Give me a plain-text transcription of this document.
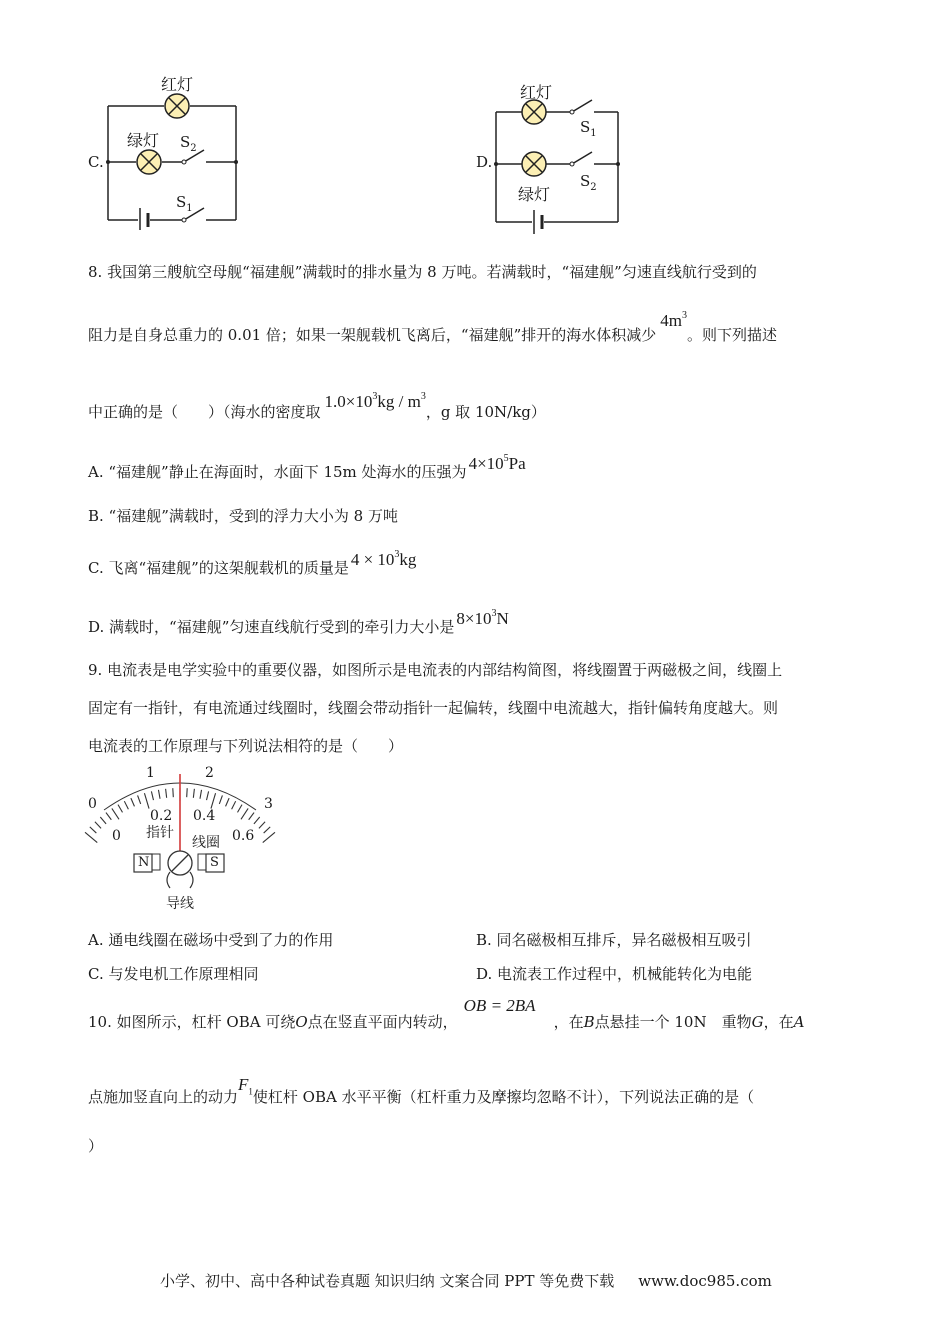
C.
红灯
绿灯 $S_2$
$S_1$
D.
红灯
$S_1$
绿灯
$S_2$
8. 我国第三艘航空母舰“福建舰”满载时的排水量为 8 万吨。若满载时，“福建舰”匀速直线航行受到的
阻力是自身总重力的 0.01 倍；如果一架舰载机飞离后，“福建舰”排开的海水体积减少$4m^3$。则下列描述
中正确的是（　　）（海水的密度取$1.0\times 10^3kg / m^3$，g 取 10N/kg）
A. “福建舰”静止在海面时，水面下 15m 处海水的压强为 $4\times 10^5Pa$
B. “福建舰”满载时，受到的浮力大小为 8 万吨
C. 飞离“福建舰”的这架舰载机的质量是 $4 \times 10^3kg$
D. 满载时，“福建舰”匀速直线航行受到的牵引力大小是 $8\times 10^3N$
9. 电流表是电学实验中的重要仪器，如图所示是电流表的内部结构简图，将线圈置于两磁极之间，线圈上
固定有一指针，有电流通过线圈时，线圈会带动指针一起偏转，线圈中电流越大，指针偏转角度越大。则
电流表的工作原理与下列说法相符的是（　　）
0
1	2
3
0
0.2 0.4
0.6
指针
线圈
N	S
导线
A. 通电线圈在磁场中受到了力的作用	B. 同名磁极相互排斥，异名磁极相互吸引
C. 与发电机工作原理相同	D. 电流表工作过程中，机械能转化为电能
10. 如图所示，杠杆 OBA 可绕O点在竖直平面内转动，OB = 2BA，在B点悬挂一个 10N　重物G，在A
点施加竖直向上的动力$F_1$使杠杆 OBA 水平平衡（杠杆重力及摩擦均忽略不计），下列说法正确的是（
）
小学、初中、高中各种试卷真题 知识归纳 文案合同 PPT 等免费下载 www.doc985.com
